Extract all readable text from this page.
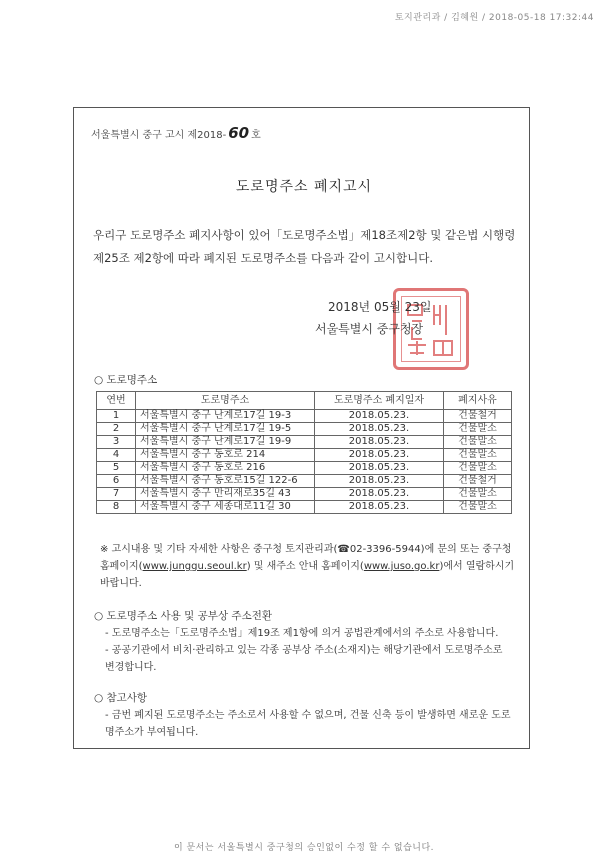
토지관리과 / 김혜원 / 2018-05-18 17:32:44
서울특별시 중구 고시 제2018- 60 호
도로명주소 폐지고시
우리구 도로명주소 폐지사항이 있어「도로명주소법」제18조제2항 및 같은법 시행령 제25조 제2항에 따라 폐지된 도로명주소를 다음과 같이 고시합니다.
2018년 05월 23일
서울특별시 중구청장
○ 도로명주소
연번	도로명주소	도로명주소 폐지일자	폐지사유
1	서울특별시 중구 난계로17길 19-3	2018.05.23.	건물철거
2	서울특별시 중구 난계로17길 19-5	2018.05.23.	건물말소
3	서울특별시 중구 난계로17길 19-9	2018.05.23.	건물말소
4	서울특별시 중구 동호로 214	2018.05.23.	건물말소
5	서울특별시 중구 동호로 216	2018.05.23.	건물말소
6	서울특별시 중구 동호로15길 122-6	2018.05.23.	건물철거
7	서울특별시 중구 만리재로35길 43	2018.05.23.	건물말소
8	서울특별시 중구 세종대로11길 30	2018.05.23.	건물말소
※ 고시내용 및 기타 자세한 사항은 중구청 토지관리과(☎02-3396-5944)에 문의 또는 중구청 홈페이지(www.junggu.seoul.kr) 및 새주소 안내 홈페이지(www.juso.go.kr)에서 열람하시기 바랍니다.
○ 도로명주소 사용 및 공부상 주소전환
- 도로명주소는「도로명주소법」제19조 제1항에 의거 공법관계에서의 주소로 사용합니다.
- 공공기관에서 비치·관리하고 있는 각종 공부상 주소(소재지)는 해당기관에서 도로명주소로 변경합니다.
○ 참고사항
- 금번 폐지된 도로명주소는 주소로서 사용할 수 없으며, 건물 신축 등이 발생하면 새로운 도로명주소가 부여됩니다.
이 문서는 서울특별시 중구청의 승인없이 수정 할 수 없습니다.
